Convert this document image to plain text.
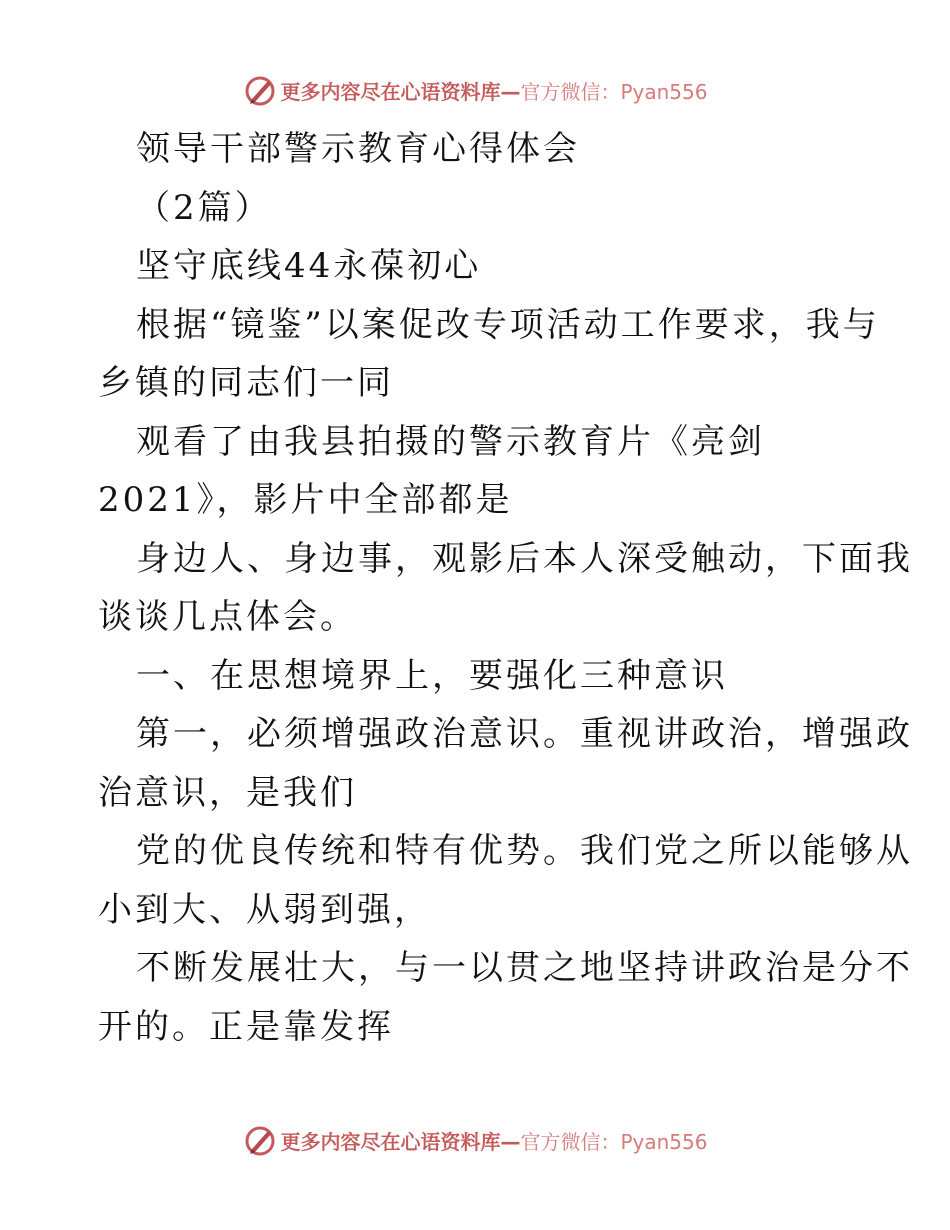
更多内容尽在心语资料库—官方微信：Pyan556
领导干部警示教育心得体会
（2篇）
坚守底线44永葆初心
根据“镜鉴”以案促改专项活动工作要求，我与
乡镇的同志们一同
观看了由我县拍摄的警示教育片《亮剑
2021》，影片中全部都是
身边人、身边事，观影后本人深受触动，下面我
谈谈几点体会。
一、在思想境界上，要强化三种意识
第一，必须增强政治意识。重视讲政治，增强政
治意识，是我们
党的优良传统和特有优势。我们党之所以能够从
小到大、从弱到强，
不断发展壮大，与一以贯之地坚持讲政治是分不
开的。正是靠发挥
更多内容尽在心语资料库—官方微信：Pyan556
